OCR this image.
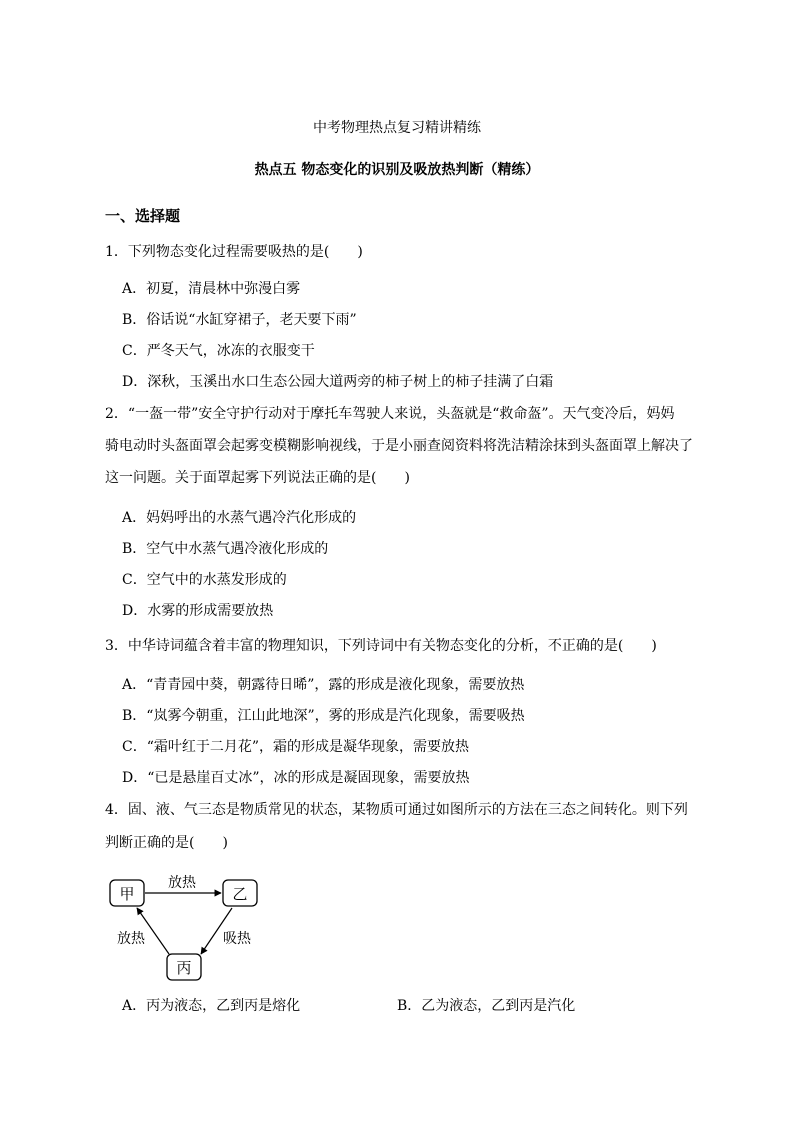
中考物理热点复习精讲精练
热点五 物态变化的识别及吸放热判断（精练）
一、选择题
1．下列物态变化过程需要吸热的是(　　)
A．初夏，清晨林中弥漫白雾
B．俗话说“水缸穿裙子，老天要下雨”
C．严冬天气，冰冻的衣服变干
D．深秋，玉溪出水口生态公园大道两旁的柿子树上的柿子挂满了白霜
2．“一盔一带”安全守护行动对于摩托车驾驶人来说，头盔就是“救命盔”。天气变冷后，妈妈
骑电动时头盔面罩会起雾变模糊影响视线，于是小丽查阅资料将洗洁精涂抹到头盔面罩上解决了
这一问题。关于面罩起雾下列说法正确的是(　　)
A．妈妈呼出的水蒸气遇冷汽化形成的
B．空气中水蒸气遇冷液化形成的
C．空气中的水蒸发形成的
D．水雾的形成需要放热
3．中华诗词蕴含着丰富的物理知识，下列诗词中有关物态变化的分析，不正确的是(　　)
A．“青青园中葵，朝露待日晞”，露的形成是液化现象，需要放热
B．“岚雾今朝重，江山此地深”，雾的形成是汽化现象，需要吸热
C．“霜叶红于二月花”，霜的形成是凝华现象，需要放热
D．“已是悬崖百丈冰”，冰的形成是凝固现象，需要放热
4．固、液、气三态是物质常见的状态，某物质可通过如图所示的方法在三态之间转化。则下列
判断正确的是(　　)
甲	乙
丙
放热
吸热
放热
A．丙为液态，乙到丙是熔化	B．乙为液态，乙到丙是汽化
